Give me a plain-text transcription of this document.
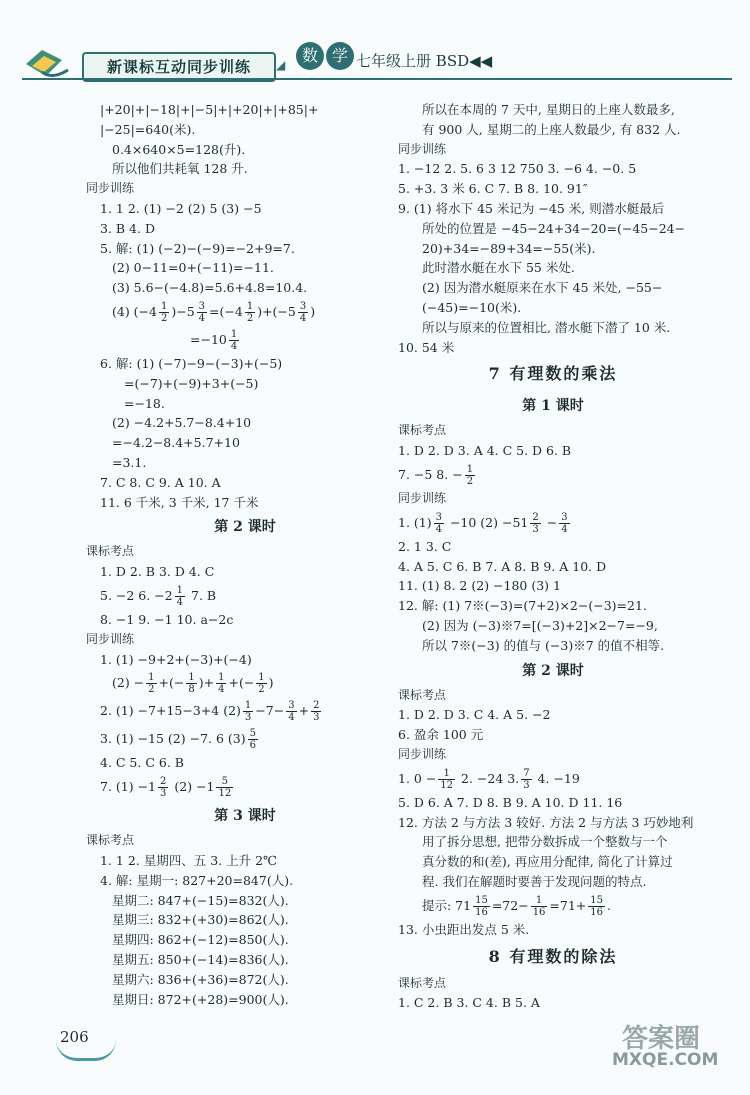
新课标互动同步训练	◢	数 学 七年级上册 BSD◀◀
|+20|+|−18|+|−5|+|+20|+|+85|+
|−25|=640(米).
0.4×640×5=128(升).
所以他们共耗氧 128 升.
同步训练
1. 1 2. (1) −2 (2) 5 (3) −5
3. B 4. D
5. 解: (1) (−2)−(−9)=−2+9=7.
(2) 0−11=0+(−11)=−11.
(3) 5.6−(−4.8)=5.6+4.8=10.4.
(4) $(-4 \frac{1}{2} )-5 \frac{3}{4} =(-4 \frac{1}{2} )+(-5 \frac{3}{4}$ )
$=-10 \frac{1}{4}$
6. 解: (1) (−7)−9−(−3)+(−5)
=(−7)+(−9)+3+(−5)
=−18.
(2) −4.2+5.7−8.4+10
=−4.2−8.4+5.7+10
=3.1.
7. C 8. C 9. A 10. A
11. 6 千米, 3 千米, 17 千米
第 2 课时
课标考点
1. D 2. B 3. D 4. C
5. −2 6. $-2 \frac{1}{4} 7$. B
8. −1 9. −1 10. a−2c
同步训练
1. (1) −9+2+(−3)+(−4)
$(2) - \frac{1}{2}$ +(− $\frac{1}{8}$ )+ $\frac{1}{4}$ +(− $\frac{1}{2}$ )
2. (1) −7+15−3+4 $(2) \frac{1}{3} -7- \frac{3}{4} + \frac{2}{3}$
3. (1) −15 (2) −7. 6 $(3) \frac{5}{6}$
4. C 5. C 6. B
7. $(1) -1 \frac{2}{3} (2) -1 \frac{5}{12}$
第 3 课时
课标考点
1. 1 2. 星期四、五 3. 上升 2℃
4. 解: 星期一: 827+20=847(人).
星期二: 847+(−15)=832(人).
星期三: 832+(+30)=862(人).
星期四: 862+(−12)=850(人).
星期五: 850+(−14)=836(人).
星期六: 836+(+36)=872(人).
星期日: 872+(+28)=900(人).
所以在本周的 7 天中, 星期日的上座人数最多,
有 900 人, 星期二的上座人数最少, 有 832 人.
同步训练
1. −12 2. 5. 6 3 12 750 3. −6 4. −0. 5
5. +3. 3 米 6. C 7. B 8. 10. 91″
9. (1) 将水下 45 米记为 −45 米, 则潜水艇最后
所处的位置是 −45−24+34−20=(−45−24−
20)+34=−89+34=−55(米).
此时潜水艇在水下 55 米处.
(2) 因为潜水艇原来在水下 45 米处, −55−
(−45)=−10(米).
所以与原来的位置相比, 潜水艇下潜了 10 米.
10. 54 米
7 有理数的乘法
第 1 课时
课标考点
1. D 2. D 3. A 4. C 5. D 6. B
7. −5 8. − $\frac{1}{2}$
同步训练
1. $(1) \frac{3}{4} -10$ $(2) -51 \frac{2}{3} - \frac{3}{4}$
2. 1 3. C
4. A 5. C 6. B 7. A 8. B 9. A 10. D
11. (1) 8. 2 (2) −180 (3) 1
12. 解: (1) 7※(−3)=(7+2)×2−(−3)=21.
(2) 因为 (−3)※7=[(−3)+2]×2−7=−9,
所以 7※(−3) 的值与 (−3)※7 的值不相等.
第 2 课时
课标考点
1. D 2. D 3. C 4. A 5. −2
6. 盈余 100 元
同步训练
1. $0 - \frac{1}{12} 2$. −24 3. $\frac{7}{3} 4$. −19
5. D 6. A 7. D 8. B 9. A 10. D 11. 16
12. 方法 2 与方法 3 较好. 方法 2 与方法 3 巧妙地利
用了拆分思想, 把带分数拆成一个整数与一个
真分数的和(差), 再应用分配律, 简化了计算过
程. 我们在解题时要善于发现问题的特点.
提示: $71 \frac{15}{16} =72- \frac{1}{16} =71+ \frac{15}{16}$ .
13. 小虫距出发点 5 米.
8 有理数的除法
课标考点
1. C 2. B 3. C 4. B 5. A
206	答案圈
MXQE.COM
